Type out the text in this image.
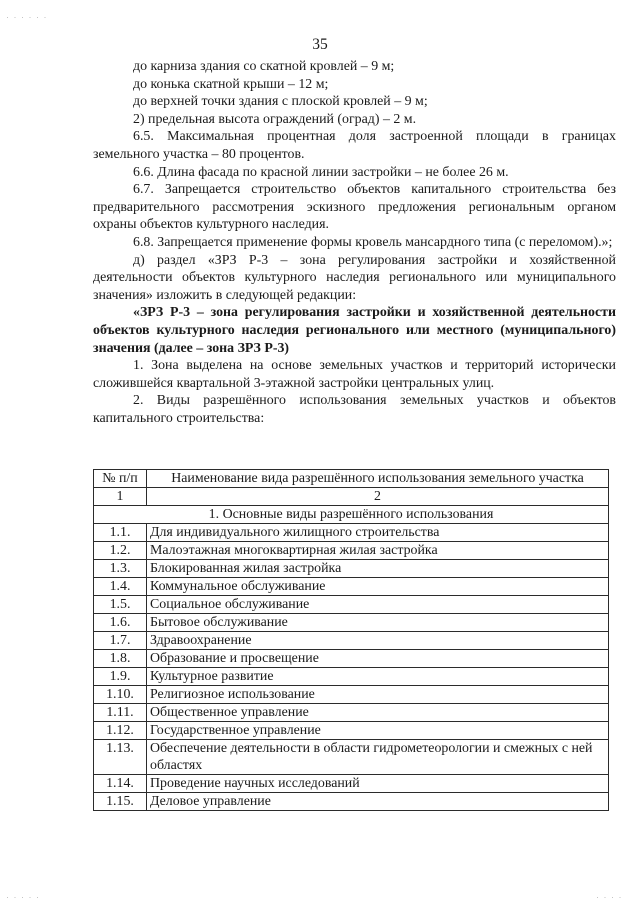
· · · · · ·
· · · · ·	· · · ·
35

до карниза здания со скатной кровлей – 9 м;

до конька скатной крыши – 12 м;

до верхней точки здания с плоской кровлей – 9 м;

2) предельная высота ограждений (оград) – 2 м.

6.5. Максимальная процентная доля застроенной площади в границах земельного участка – 80 процентов.

6.6. Длина фасада по красной линии застройки – не более 26 м.

6.7. Запрещается строительство объектов капитального строительства без предварительного рассмотрения эскизного предложения региональным органом охраны объектов культурного наследия.

6.8. Запрещается применение формы кровель мансардного типа (с переломом).»;

д) раздел «ЗРЗ Р-3 – зона регулирования застройки и хозяйственной деятельности объектов культурного наследия регионального или муниципального значения» изложить в следующей редакции:

«ЗРЗ Р-3 – зона регулирования застройки и хозяйственной деятельности объектов культурного наследия регионального или местного (муниципального) значения (далее – зона ЗРЗ Р-3)

1. Зона выделена на основе земельных участков и территорий исторически сложившейся квартальной 3-этажной застройки центральных улиц.

2. Виды разрешённого использования земельных участков и объектов капитального строительства:

№ п/п	Наименование вида разрешённого использования земельного участка
1	2
1. Основные виды разрешённого использования	
1.1.	Для индивидуального жилищного строительства
1.2.	Малоэтажная многоквартирная жилая застройка
1.3.	Блокированная жилая застройка
1.4.	Коммунальное обслуживание
1.5.	Социальное обслуживание
1.6.	Бытовое обслуживание
1.7.	Здравоохранение
1.8.	Образование и просвещение
1.9.	Культурное развитие
1.10.	Религиозное использование
1.11.	Общественное управление
1.12.	Государственное управление
1.13.	Обеспечение деятельности в области гидрометеорологии и смежных с ней областях
1.14.	Проведение научных исследований
1.15.	Деловое управление
